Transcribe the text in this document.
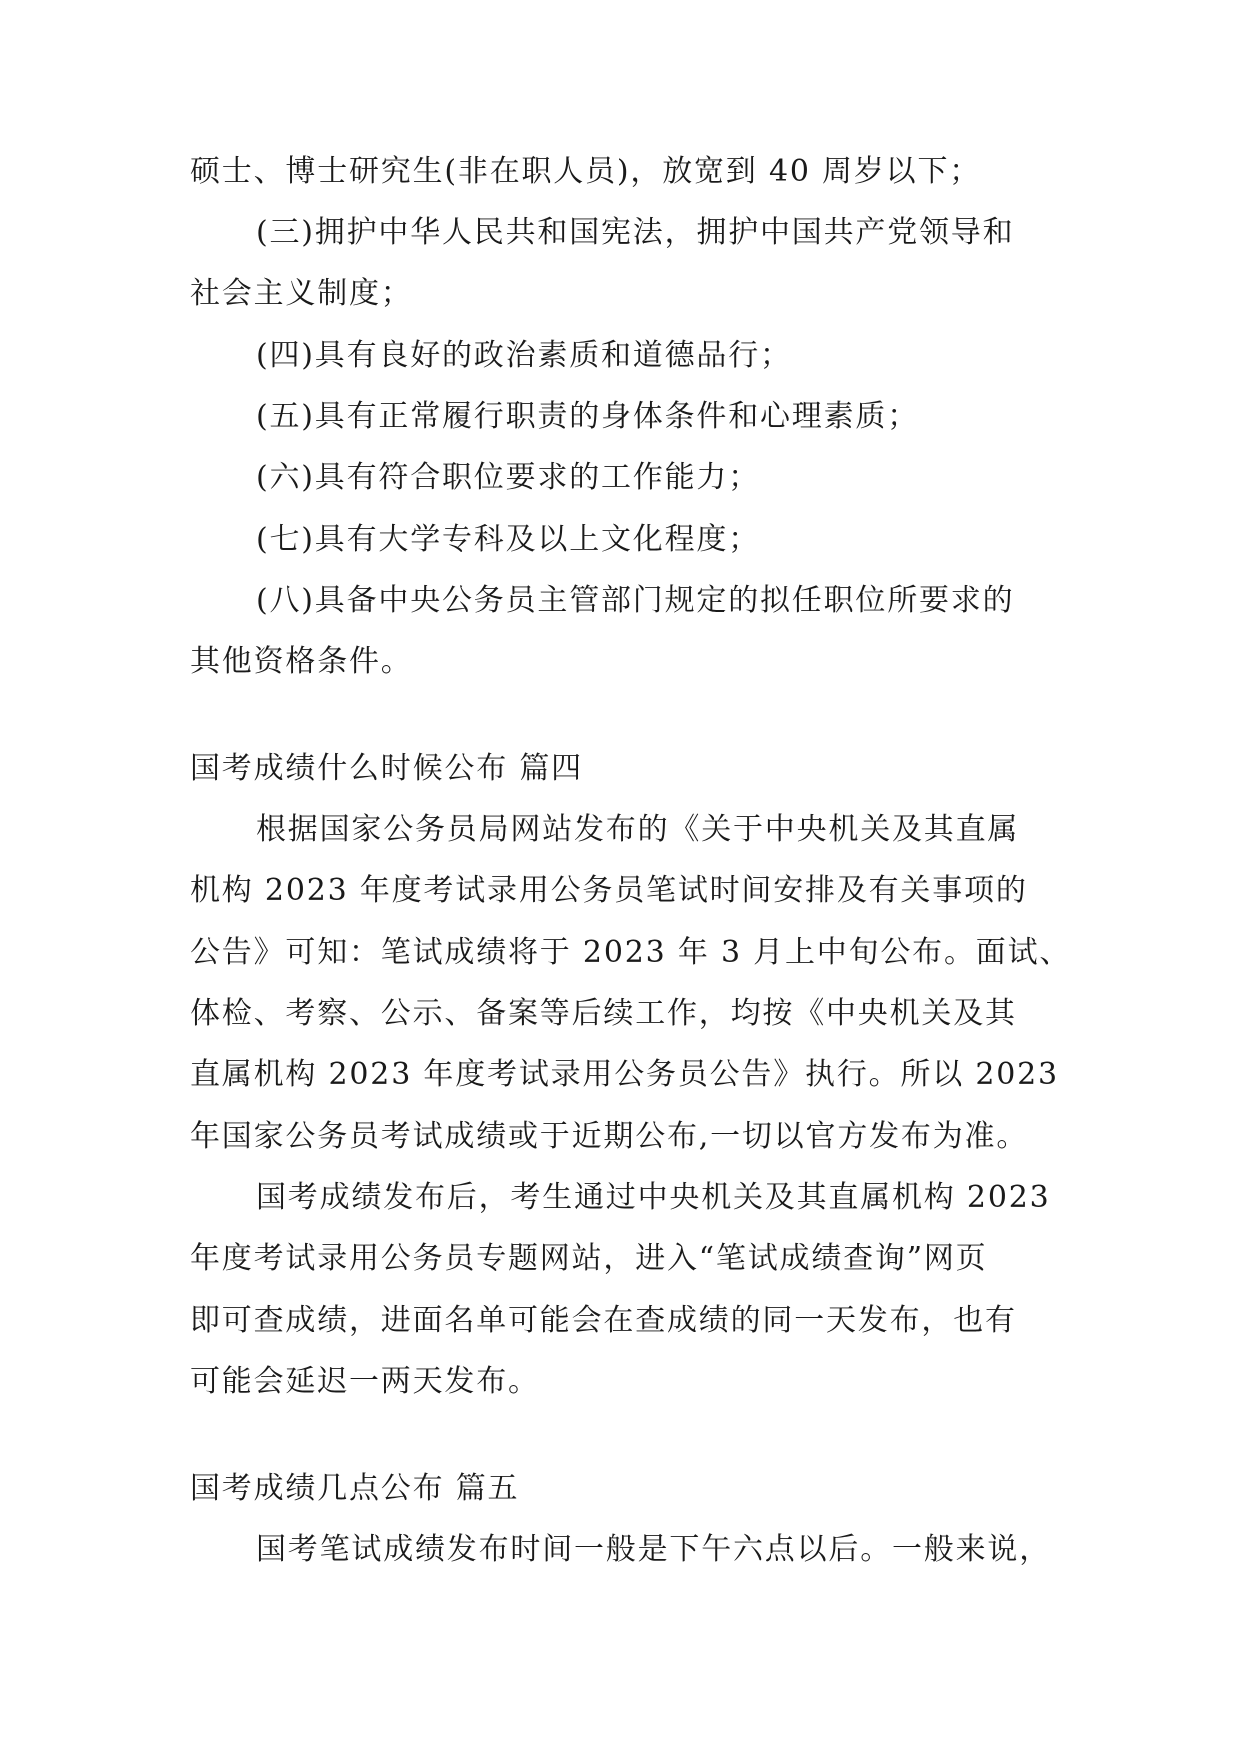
硕士、博士研究生(非在职人员)，放宽到 40 周岁以下；
(三)拥护中华人民共和国宪法，拥护中国共产党领导和
社会主义制度；
(四)具有良好的政治素质和道德品行；
(五)具有正常履行职责的身体条件和心理素质；
(六)具有符合职位要求的工作能力；
(七)具有大学专科及以上文化程度；
(八)具备中央公务员主管部门规定的拟任职位所要求的
其他资格条件。
国考成绩什么时候公布 篇四
根据国家公务员局网站发布的《关于中央机关及其直属
机构 2023 年度考试录用公务员笔试时间安排及有关事项的
公告》可知：笔试成绩将于 2023 年 3 月上中旬公布。面试、
体检、考察、公示、备案等后续工作，均按《中央机关及其
直属机构 2023 年度考试录用公务员公告》执行。所以 2023
年国家公务员考试成绩或于近期公布,一切以官方发布为准。
国考成绩发布后，考生通过中央机关及其直属机构 2023
年度考试录用公务员专题网站，进入“笔试成绩查询”网页
即可查成绩，进面名单可能会在查成绩的同一天发布，也有
可能会延迟一两天发布。
国考成绩几点公布 篇五
国考笔试成绩发布时间一般是下午六点以后。一般来说，
